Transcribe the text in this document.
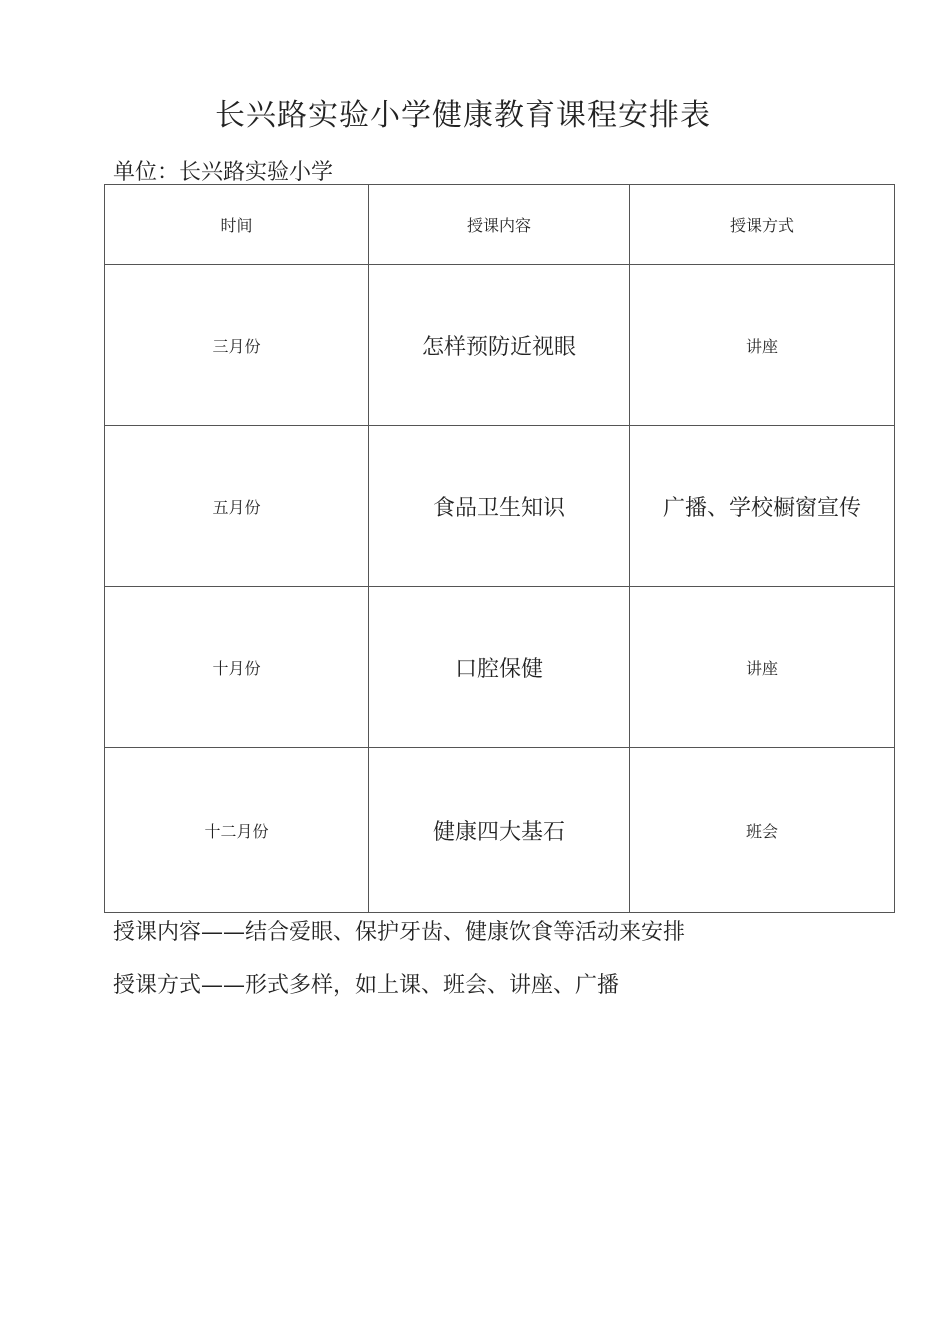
长兴路实验小学健康教育课程安排表
单位：长兴路实验小学
时间	授课内容	授课方式
三月份	怎样预防近视眼	讲座
五月份	食品卫生知识	广播、学校橱窗宣传
十月份	口腔保健	讲座
十二月份	健康四大基石	班会
授课内容——结合爱眼、保护牙齿、健康饮食等活动来安排
授课方式——形式多样，如上课、班会、讲座、广播
